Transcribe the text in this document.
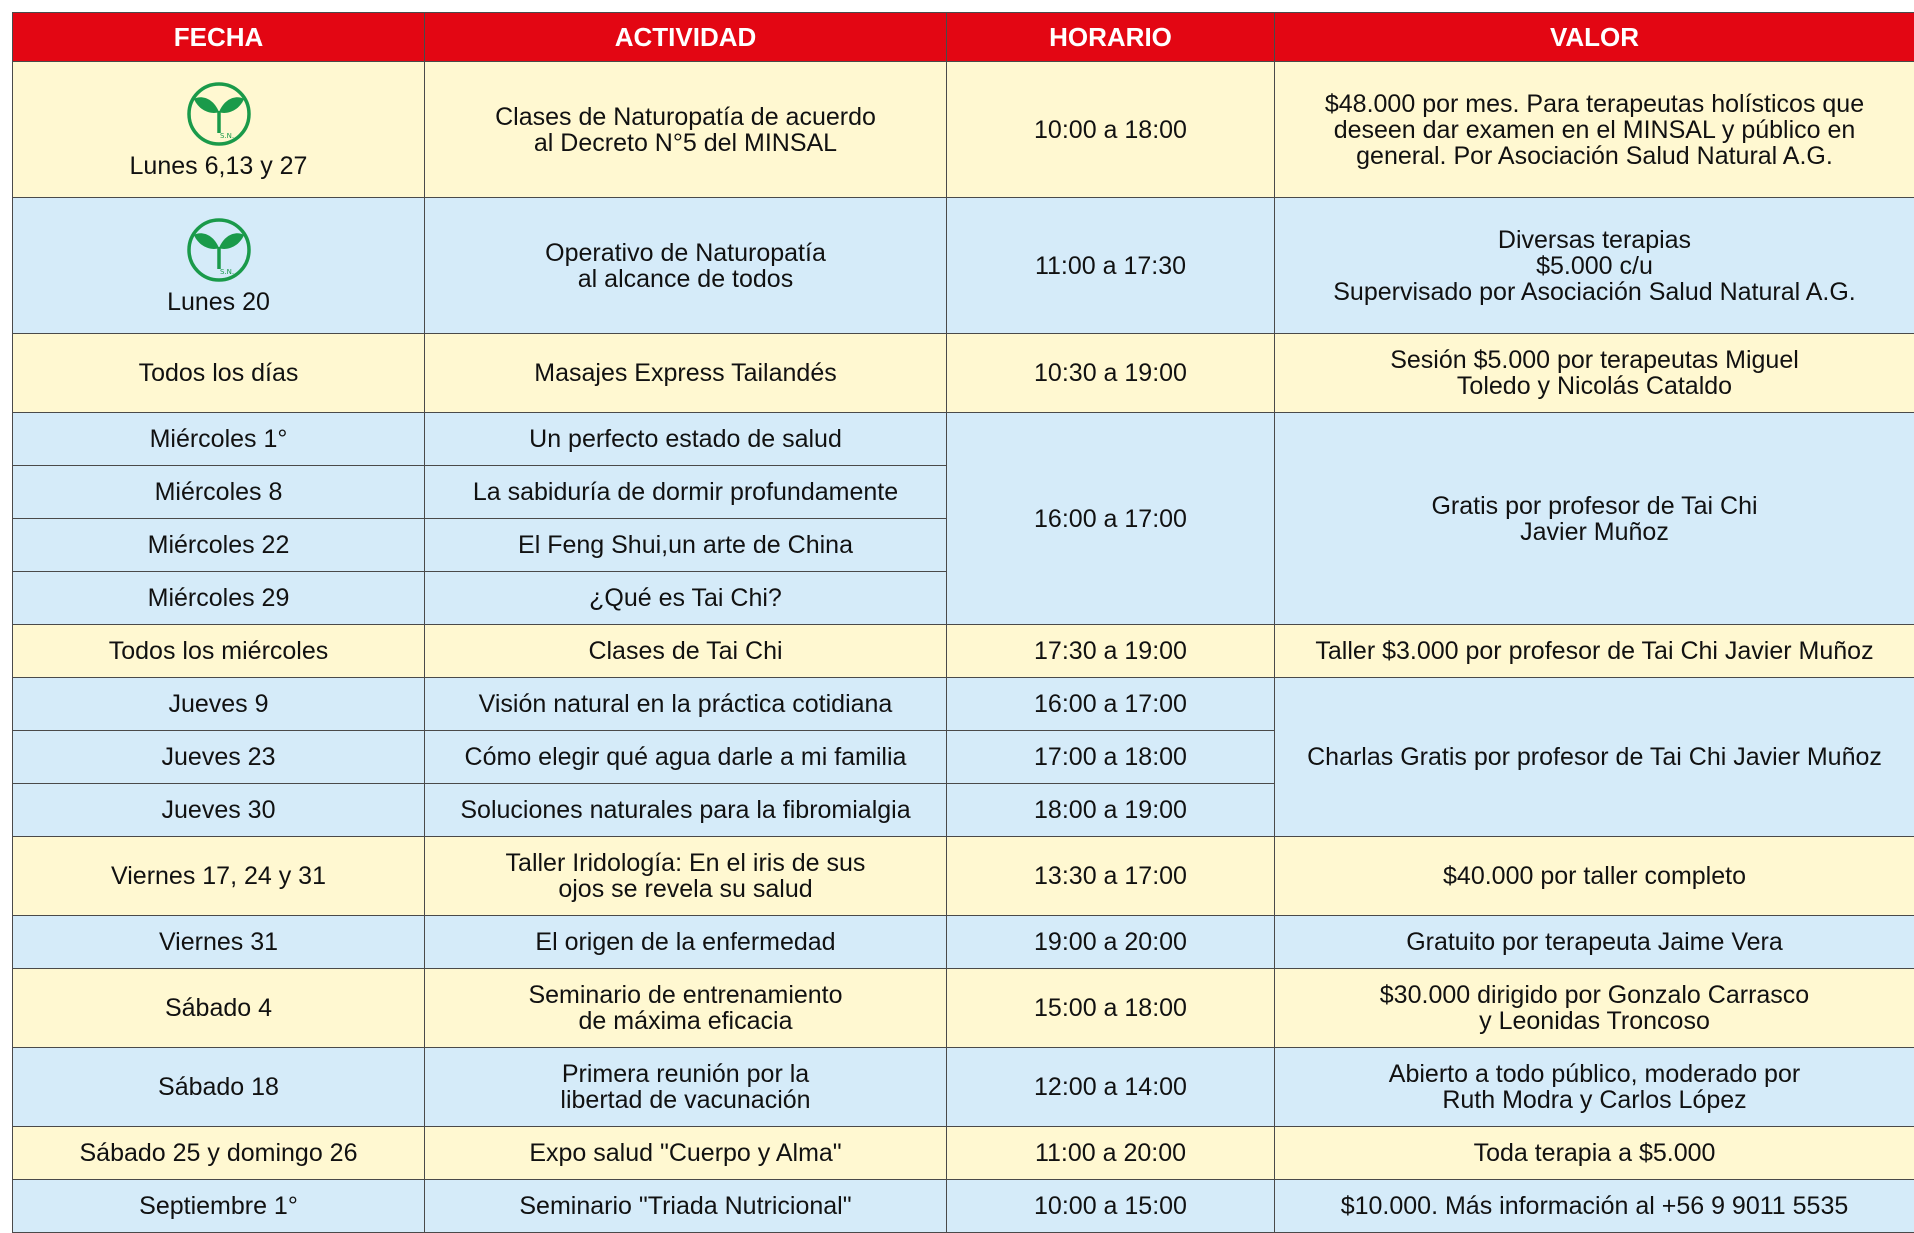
FECHA	ACTIVIDAD	HORARIO	VALOR

S.N.
Lunes 6,13 y 27	Clases de Naturopatía de acuerdo
al Decreto N°5 del MINSAL	10:00 a 18:00	$48.000 por mes. Para terapeutas holísticos que
deseen dar examen en el MINSAL y público en
general. Por Asociación Salud Natural A.G.

S.N.
Lunes 20	Operativo de Naturopatía
al alcance de todos	11:00 a 17:30	Diversas terapias
$5.000 c/u
Supervisado por Asociación Salud Natural A.G.

Todos los días	Masajes Express Tailandés	10:30 a 19:00	Sesión $5.000 por terapeutas Miguel
Toledo y Nicolás Cataldo

Miércoles 1°	Un perfecto estado de salud	16:00 a 17:00	Gratis por profesor de Tai Chi
Javier Muñoz

Miércoles 8	La sabiduría de dormir profundamente		
Miércoles 22	El Feng Shui,un arte de China		
Miércoles 29	¿Qué es Tai Chi?		
Todos los miércoles	Clases de Tai Chi	17:30 a 19:00	Taller $3.000 por profesor de Tai Chi Javier Muñoz
Jueves 9	Visión natural en la práctica cotidiana	16:00 a 17:00	Charlas Gratis por profesor de Tai Chi Javier Muñoz
Jueves 23	Cómo elegir qué agua darle a mi familia	17:00 a 18:00	
Jueves 30	Soluciones naturales para la fibromialgia	18:00 a 19:00	
Viernes 17, 24 y 31	Taller Iridología: En el iris de sus
ojos se revela su salud	13:30 a 17:00	$40.000 por taller completo
Viernes 31	El origen de la enfermedad	19:00 a 20:00	Gratuito por terapeuta Jaime Vera
Sábado 4	Seminario de entrenamiento
de máxima eficacia	15:00 a 18:00	$30.000 dirigido por Gonzalo Carrasco
y Leonidas Troncoso

Sábado 18	Primera reunión por la
libertad de vacunación	12:00 a 14:00	Abierto a todo público, moderado por
Ruth Modra y Carlos López

Sábado 25 y domingo 26	Expo salud "Cuerpo y Alma"	11:00 a 20:00	Toda terapia a $5.000
Septiembre 1°	Seminario "Triada Nutricional"	10:00 a 15:00	$10.000. Más información al +56 9 9011 5535
